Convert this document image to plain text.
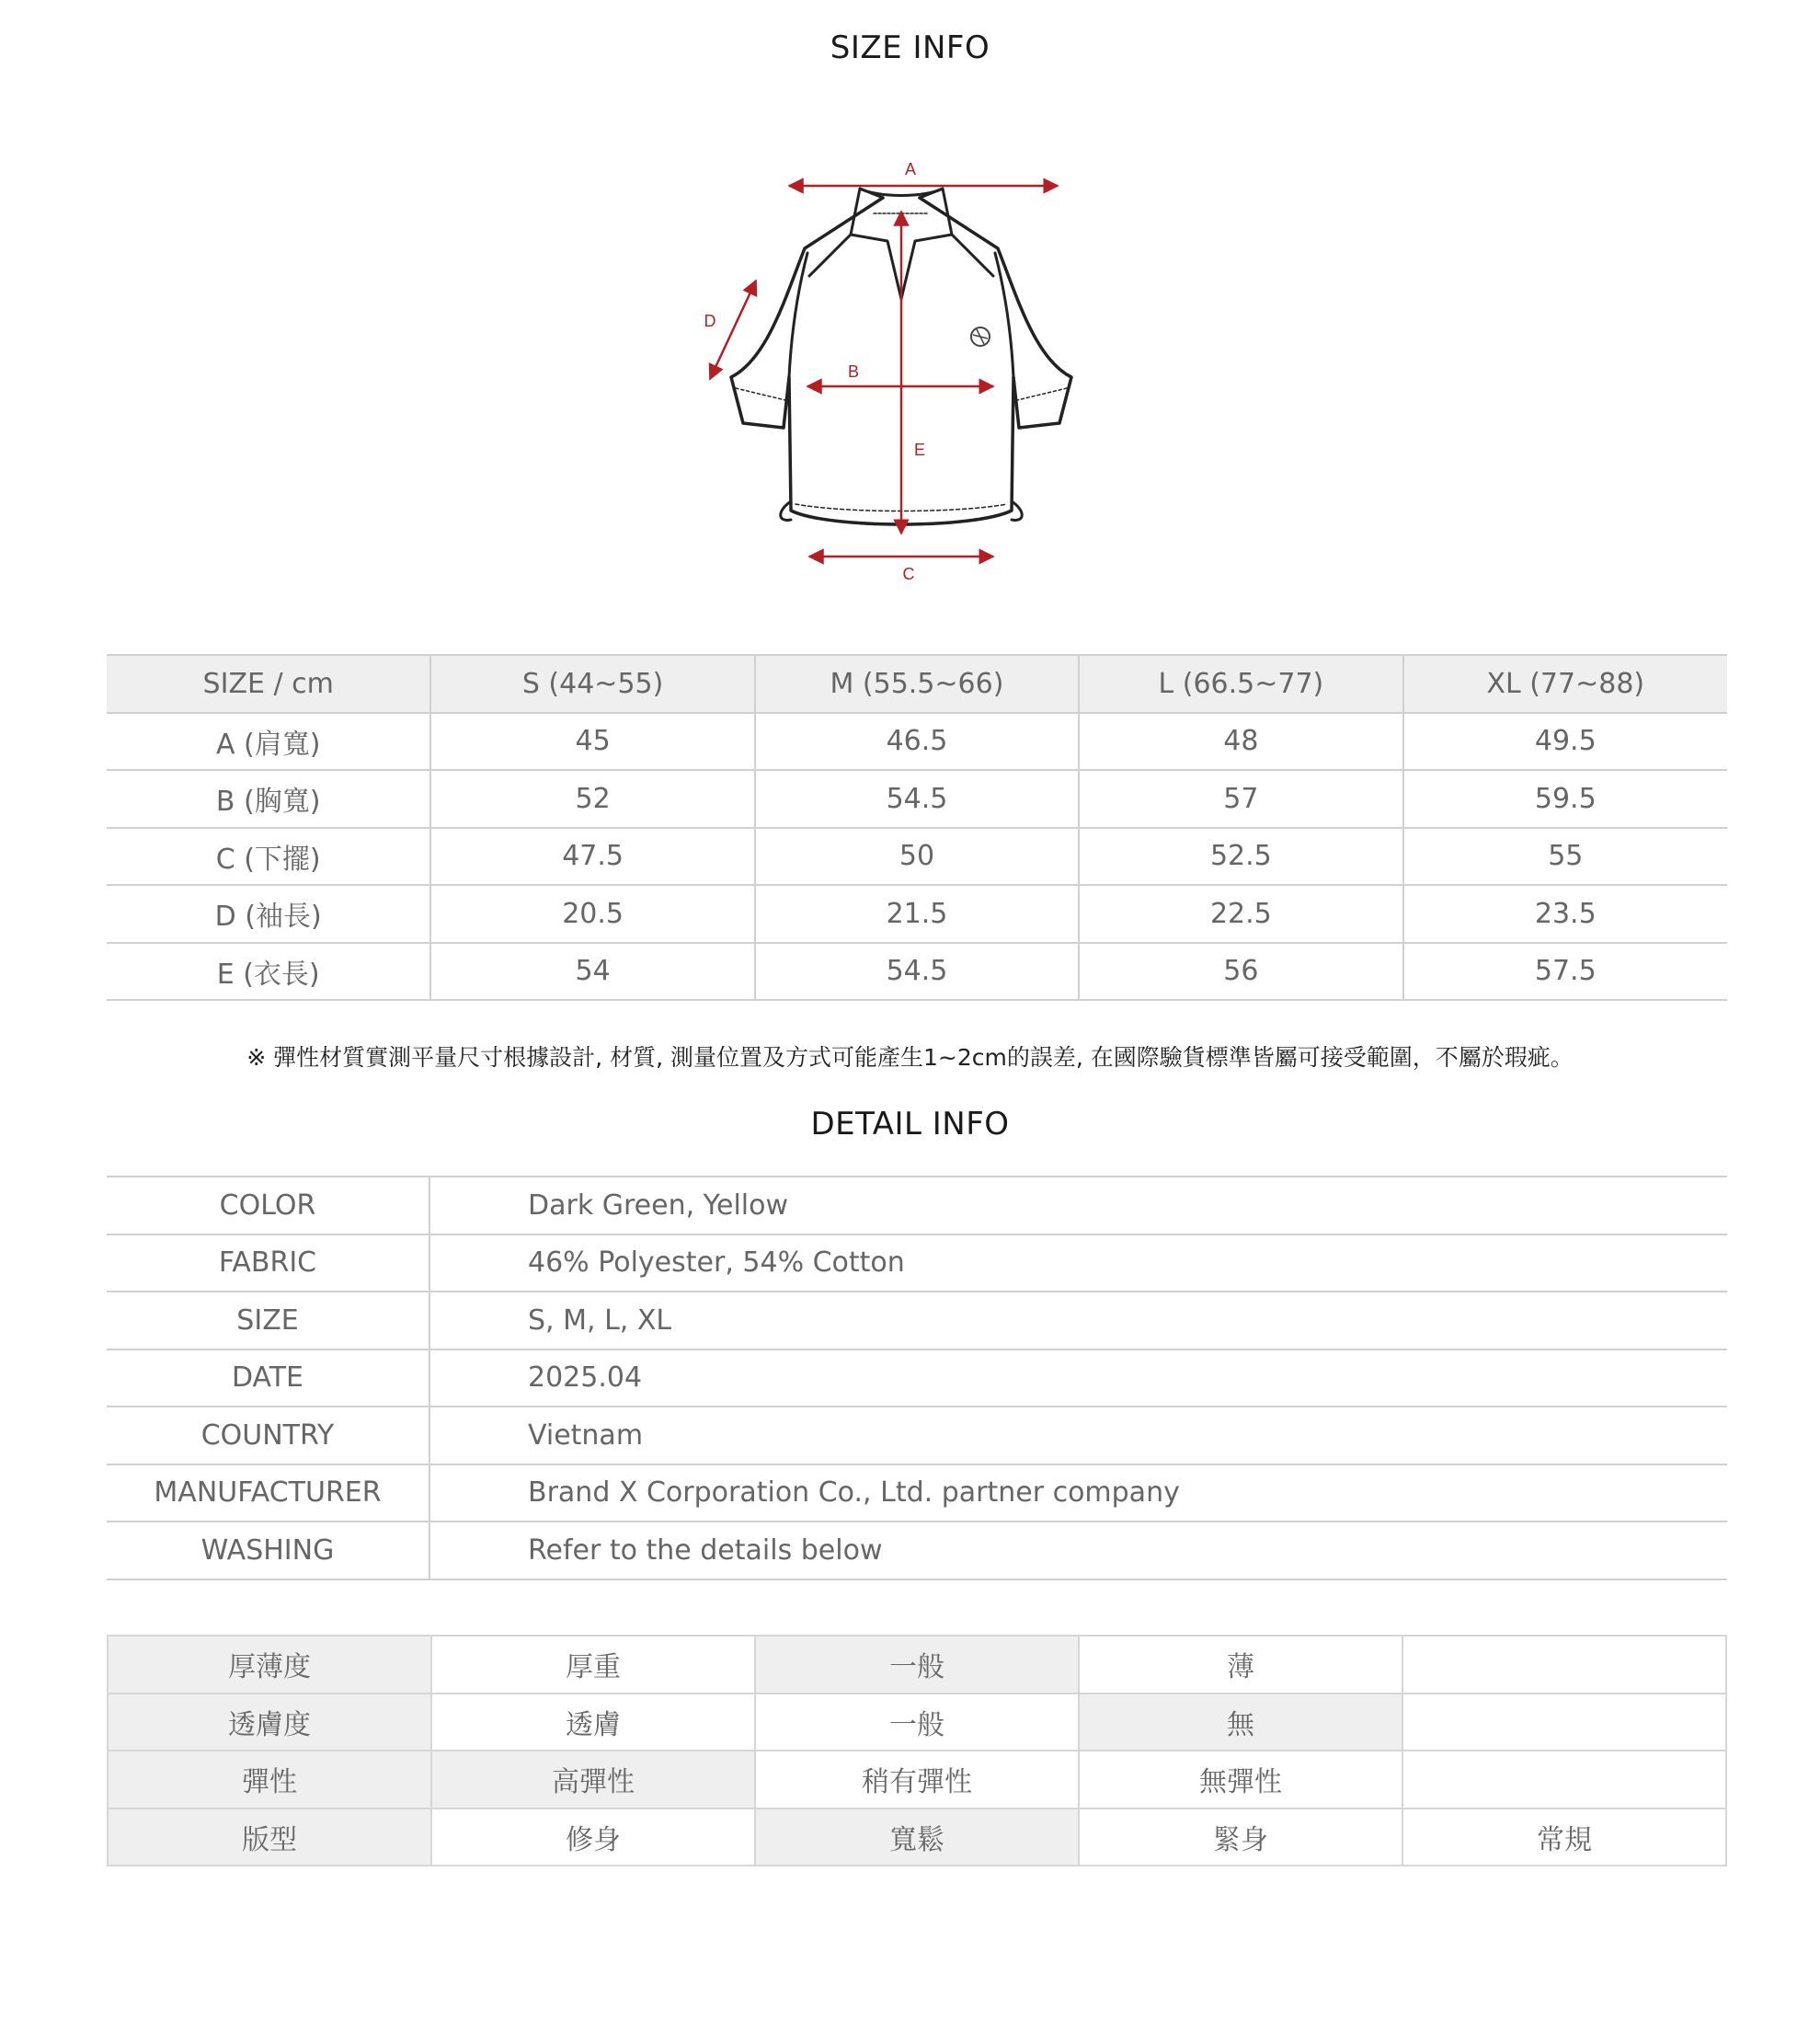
SIZE INFO
A
B
C
D
E
SIZE / cm	S (44~55)	M (55.5~66)	L (66.5~77)	XL (77~88)
A (肩寬)	45	46.5	48	49.5
B (胸寬)	52	54.5	57	59.5
C (下擺)	47.5	50	52.5	55
D (袖長)	20.5	21.5	22.5	23.5
E (衣長)	54	54.5	56	57.5
※ 彈性材質實測平量尺寸根據設計, 材質, 測量位置及方式可能產生1~2cm的誤差, 在國際驗貨標準皆屬可接受範圍，不屬於瑕疵。
DETAIL INFO
COLOR	Dark Green, Yellow
FABRIC	46% Polyester, 54% Cotton
SIZE	S, M, L, XL
DATE	2025.04
COUNTRY	Vietnam
MANUFACTURER	Brand X Corporation Co., Ltd. partner company
WASHING	Refer to the details below
厚薄度	厚重	一般	薄	
透膚度	透膚	一般	無	
彈性	高彈性	稍有彈性	無彈性	
版型	修身	寬鬆	緊身	常規
